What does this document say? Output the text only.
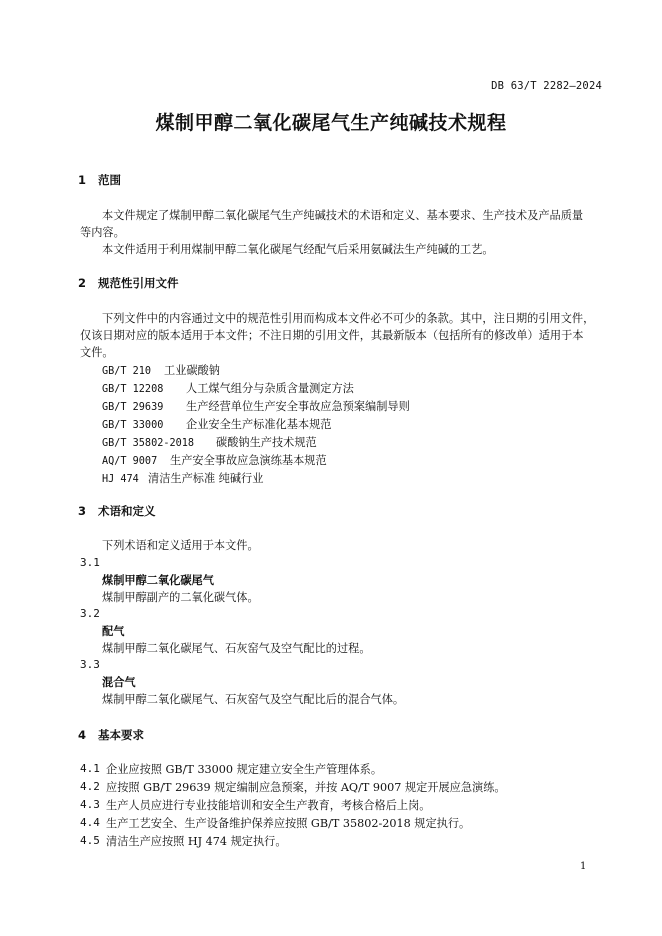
DB 63/T 2282—2024
煤制甲醇二氧化碳尾气生产纯碱技术规程
1 范围
本文件规定了煤制甲醇二氧化碳尾气生产纯碱技术的术语和定义、基本要求、生产技术及产品质量
等内容。
本文件适用于利用煤制甲醇二氧化碳尾气经配气后采用氨碱法生产纯碱的工艺。
2 规范性引用文件
下列文件中的内容通过文中的规范性引用而构成本文件必不可少的条款。其中，注日期的引用文件，
仅该日期对应的版本适用于本文件；不注日期的引用文件，其最新版本（包括所有的修改单）适用于本
文件。
GB/T 210 工业碳酸钠
GB/T 12208 人工煤气组分与杂质含量测定方法
GB/T 29639 生产经营单位生产安全事故应急预案编制导则
GB/T 33000 企业安全生产标准化基本规范
GB/T 35802-2018 碳酸钠生产技术规范
AQ/T 9007 生产安全事故应急演练基本规范
HJ 474 清洁生产标准 纯碱行业
3 术语和定义
下列术语和定义适用于本文件。
3.1
煤制甲醇二氧化碳尾气
煤制甲醇副产的二氧化碳气体。
3.2
配气
煤制甲醇二氧化碳尾气、石灰窑气及空气配比的过程。
3.3
混合气
煤制甲醇二氧化碳尾气、石灰窑气及空气配比后的混合气体。
4 基本要求
4.1 企业应按照 GB/T 33000 规定建立安全生产管理体系。
4.2 应按照 GB/T 29639 规定编制应急预案，并按 AQ/T 9007 规定开展应急演练。
4.3 生产人员应进行专业技能培训和安全生产教育，考核合格后上岗。
4.4 生产工艺安全、生产设备维护保养应按照 GB/T 35802-2018 规定执行。
4.5 清洁生产应按照 HJ 474 规定执行。
1
